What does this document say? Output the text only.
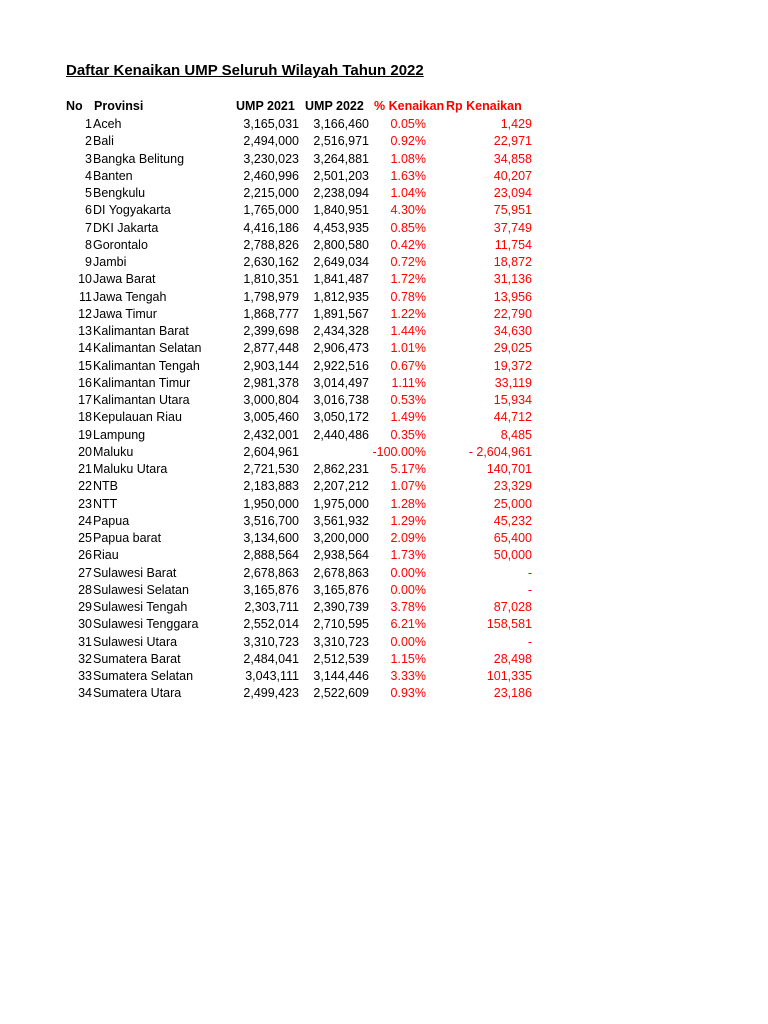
Daftar Kenaikan UMP Seluruh Wilayah Tahun 2022
No Provinsi	UMP 2021 UMP 2022 % Kenaikan Rp Kenaikan
1 Aceh	3,165,031 3,166,460 0.05%	1,429
2 Bali	2,494,000 2,516,971 0.92%	22,971
3 Bangka Belitung	3,230,023 3,264,881 1.08%	34,858
4 Banten	2,460,996 2,501,203 1.63%	40,207
5 Bengkulu	2,215,000 2,238,094 1.04%	23,094
6 DI Yogyakarta	1,765,000 1,840,951 4.30%	75,951
7 DKI Jakarta	4,416,186 4,453,935 0.85%	37,749
8 Gorontalo	2,788,826 2,800,580 0.42%	11,754
9 Jambi	2,630,162 2,649,034 0.72%	18,872
10 Jawa Barat	1,810,351 1,841,487 1.72%	31,136
11 Jawa Tengah	1,798,979 1,812,935 0.78%	13,956
12 Jawa Timur	1,868,777 1,891,567 1.22%	22,790
13 Kalimantan Barat	2,399,698 2,434,328 1.44%	34,630
14 Kalimantan Selatan	2,877,448 2,906,473 1.01%	29,025
15 Kalimantan Tengah	2,903,144 2,922,516 0.67%	19,372
16 Kalimantan Timur	2,981,378 3,014,497 1.11%	33,119
17 Kalimantan Utara	3,000,804 3,016,738 0.53%	15,934
18 Kepulauan Riau	3,005,460 3,050,172 1.49%	44,712
19 Lampung	2,432,001 2,440,486 0.35%	8,485
20 Maluku	2,604,961	-100.00%	- 2,604,961
21 Maluku Utara	2,721,530 2,862,231 5.17%	140,701
22 NTB	2,183,883 2,207,212 1.07%	23,329
23 NTT	1,950,000 1,975,000 1.28%	25,000
24 Papua	3,516,700 3,561,932 1.29%	45,232
25 Papua barat	3,134,600 3,200,000 2.09%	65,400
26 Riau	2,888,564 2,938,564 1.73%	50,000
27 Sulawesi Barat	2,678,863 2,678,863 0.00%	-
28 Sulawesi Selatan	3,165,876 3,165,876 0.00%	-
29 Sulawesi Tengah	2,303,711 2,390,739 3.78%	87,028
30 Sulawesi Tenggara	2,552,014 2,710,595 6.21%	158,581
31 Sulawesi Utara	3,310,723 3,310,723 0.00%	-
32 Sumatera Barat	2,484,041 2,512,539 1.15%	28,498
33 Sumatera Selatan	3,043,111 3,144,446 3.33%	101,335
34 Sumatera Utara	2,499,423 2,522,609 0.93%	23,186
